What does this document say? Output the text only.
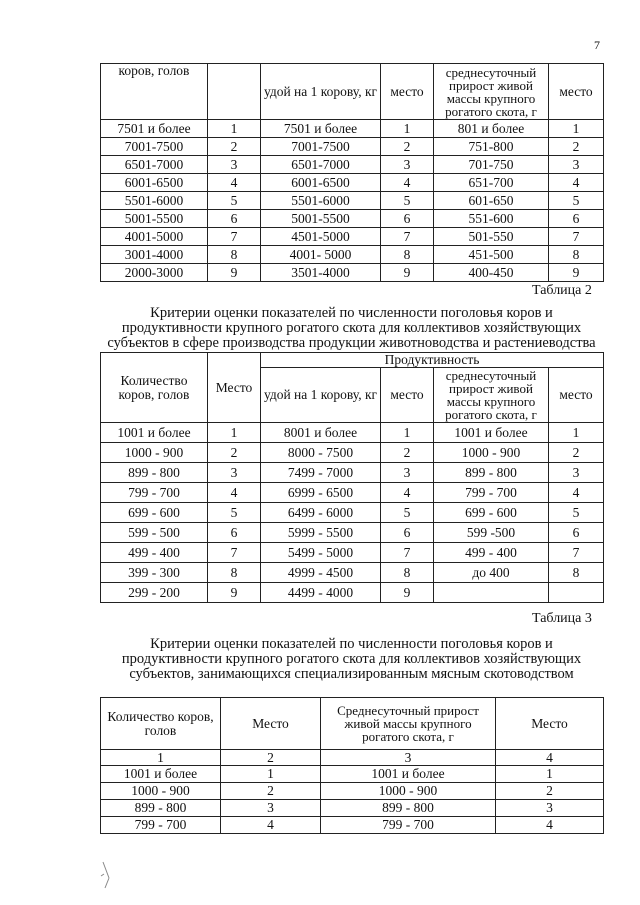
7
коров, голов		удой на 1 корову, кг	место	среднесуточный прирост живой массы крупного рогатого скота, г	место
7501 и более	1	7501 и более	1	801 и более	1
7001-7500	2	7001-7500	2	751-800	2
6501-7000	3	6501-7000	3	701-750	3
6001-6500	4	6001-6500	4	651-700	4
5501-6000	5	5501-6000	5	601-650	5
5001-5500	6	5001-5500	6	551-600	6
4001-5000	7	4501-5000	7	501-550	7
3001-4000	8	4001- 5000	8	451-500	8
2000-3000	9	3501-4000	9	400-450	9
Таблица 2
Критерии оценки показателей по численности поголовья коров и продуктивности крупного рогатого скота для коллективов хозяйствующих субъектов в сфере производства продукции животноводства и растениеводства
Количество коров, голов	Место	Продуктивность			
		удой на 1 корову, кг	место	среднесуточный прирост живой массы крупного рогатого скота, г	место
1001 и более	1	8001 и более	1	1001 и более	1
1000 - 900	2	8000 - 7500	2	1000 - 900	2
899 - 800	3	7499 - 7000	3	899 - 800	3
799 - 700	4	6999 - 6500	4	799 - 700	4
699 - 600	5	6499 - 6000	5	699 - 600	5
599 - 500	6	5999 - 5500	6	599 -500	6
499 - 400	7	5499 - 5000	7	499 - 400	7
399 - 300	8	4999 - 4500	8	до 400	8
299 - 200	9	4499 - 4000	9		
Таблица 3
Критерии оценки показателей по численности поголовья коров и продуктивности крупного рогатого скота для коллективов хозяйствующих субъектов, занимающихся специализированным мясным скотоводством
Количество коров, голов	Место	Среднесуточный прирост живой массы крупного рогатого скота, г	Место
1	2	3	4
1001 и более	1	1001 и более	1
1000 - 900	2	1000 - 900	2
899 - 800	3	899 - 800	3
799 - 700	4	799 - 700	4
